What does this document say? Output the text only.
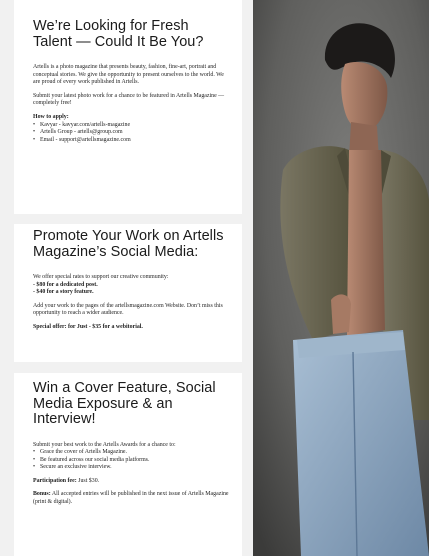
We’re Looking for Fresh Talent — Could It Be You?

Artells is a photo magazine that presents beauty, fashion, fine-art, portrait and conceptual stories. We give the opportunity to present ourselves to the world. We are proud of every work published in Artells.

Submit your latest photo work for a chance to be featured in Artells Magazine — completely free!

How to apply:

• Kavyar - kavyar.com/artells-magazine
• Artells Group - artells@group.com
• Email - support@artellsmagazine.com
Promote Your Work on Artells Magazine’s Social Media:

We offer special rates to support our creative community:

- $80 for a dedicated post.

- $40 for a story feature.

Add your work to the pages of the artellsmagazine.com Website. Don’t miss this opportunity to reach a wider audience.

Special offer: for Just - $35 for a webitorial.

Win a Cover Feature, Social Media Exposure & an Interview!

Submit your best work to the Artells Awards for a chance to:

• Grace the cover of Artells Magazine.
• Be featured across our social media platforms.
• Secure an exclusive interview.

Participation fee: Just $30.

Bonus: All accepted entries will be published in the next issue of Artells Magazine (print & digital).
